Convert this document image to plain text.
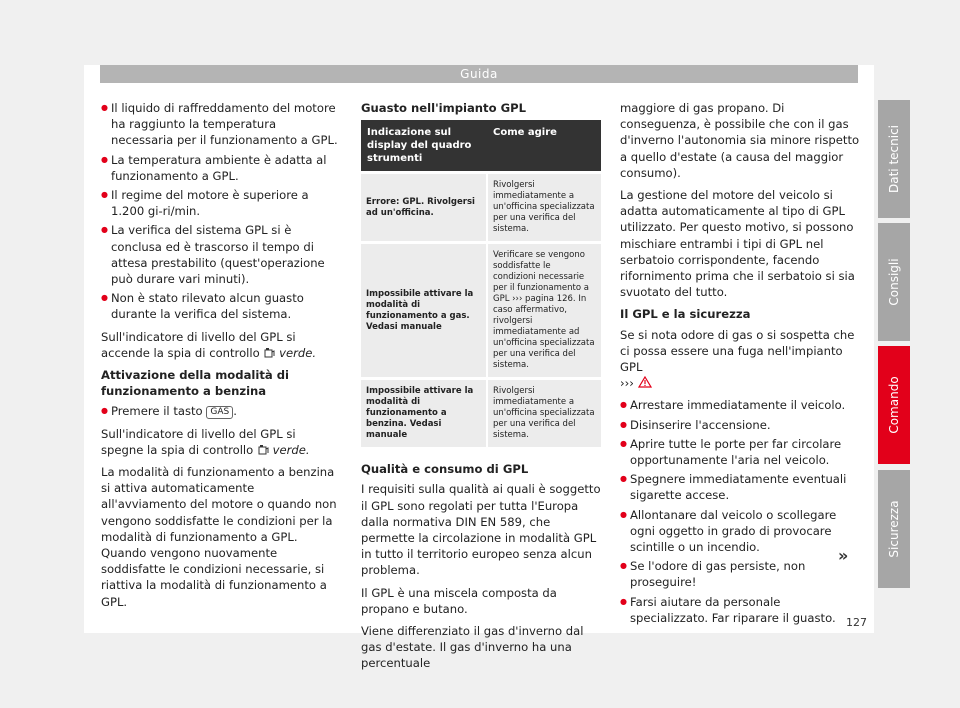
Guida
● Il liquido di raffreddamento del motore ha raggiunto la temperatura necessaria per il funzionamento a GPL.
● La temperatura ambiente è adatta al funzionamento a GPL.
● Il regime del motore è superiore a 1.200 gi-ri/min.
● La verifica del sistema GPL si è conclusa ed è trascorso il tempo di attesa prestabilito (quest'operazione può durare vari minuti).
● Non è stato rilevato alcun guasto durante la verifica del sistema.

Sull'indicatore di livello del GPL si accende la spia di controllo verde.

Attivazione della modalità di funzionamento a benzina
● Premere il tasto GAS .

Sull'indicatore di livello del GPL si spegne la spia di controllo verde.

La modalità di funzionamento a benzina si attiva automaticamente all'avviamento del motore o quando non vengono soddisfatte le condizioni per la modalità di funzionamento a GPL. Quando vengono nuovamente soddisfatte le condizioni necessarie, si riattiva la modalità di funzionamento a GPL.

Guasto nell'impianto GPL
Indicazione sul display del quadro strumenti	Come agire
Errore: GPL. Rivolgersi ad un'officina.	Rivolgersi immediatamente a un'officina specializzata per una verifica del sistema.
Impossibile attivare la modalità di funzionamento a gas. Vedasi manuale	Verificare se vengono soddisfatte le condizioni necessarie per il funzionamento a GPL ››› pagina 126. In caso affermativo, rivolgersi immediatamente ad un'officina specializzata per una verifica del sistema.
Impossibile attivare la modalità di funzionamento a benzina. Vedasi manuale	Rivolgersi immediatamente a un'officina specializzata per una verifica del sistema.
Qualità e consumo di GPL

I requisiti sulla qualità ai quali è soggetto il GPL sono regolati per tutta l'Europa dalla normativa DIN EN 589, che permette la circolazione in modalità GPL in tutto il territorio europeo senza alcun problema.

Il GPL è una miscela composta da propano e butano.

Viene differenziato il gas d'inverno dal gas d'estate. Il gas d'inverno ha una percentuale

maggiore di gas propano. Di conseguenza, è possibile che con il gas d'inverno l'autonomia sia minore rispetto a quello d'estate (a causa del maggior consumo).

La gestione del motore del veicolo si adatta automaticamente al tipo di GPL utilizzato. Per questo motivo, si possono mischiare entrambi i tipi di GPL nel serbatoio corrispondente, facendo rifornimento prima che il serbatoio si sia svuotato del tutto.

Il GPL e la sicurezza

Se si nota odore di gas o si sospetta che ci possa essere una fuga nell'impianto GPL
›››

● Arrestare immediatamente il veicolo.
● Disinserire l'accensione.
● Aprire tutte le porte per far circolare opportunamente l'aria nel veicolo.
● Spegnere immediatamente eventuali sigarette accese.
● Allontanare dal veicolo o scollegare ogni oggetto in grado di provocare scintille o un incendio.
● Se l'odore di gas persiste, non proseguire!
● Farsi aiutare da personale specializzato. Far riparare il guasto.
»
Dati tecnici
Consigli
Comando
Sicurezza
127
